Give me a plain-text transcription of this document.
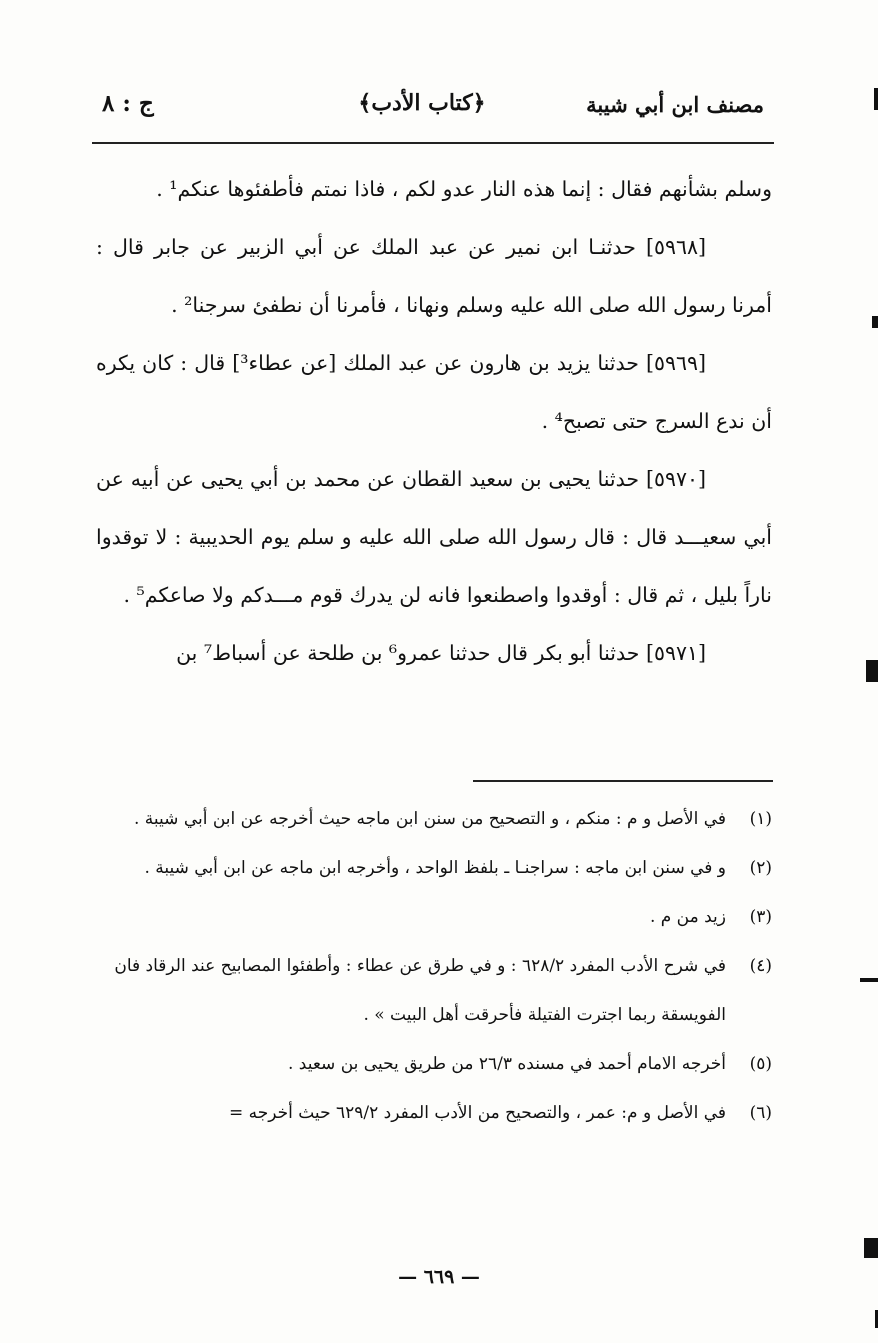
مصنف ابن أبي شيبة
﴿كتاب الأدب﴾
ج : ٨

وسلم بشأنهم فقال : إنما هذه النار عدو لكم ، فاذا نمتم فأطفئوها عنكم¹ .

[٥٩٦٨] حدثنـا ابن نمير عن عبد الملك عن أبي الزبير عن جابر قال : أمرنا رسول الله صلى الله عليه وسلم ونهانا ، فأمرنا أن نطفئ سرجنا² .

[٥٩٦٩] حدثنا يزيد بن هارون عن عبد الملك [عن عطاء³] قال : كان يكره أن ندع السرج حتى تصبح⁴ .

[٥٩٧٠] حدثنا يحيى بن سعيد القطان عن محمد بن أبي يحيى عن أبيه عن أبي سعيـــد قال : قال رسول الله صلى الله عليه و سلم يوم الحديبية : لا توقدوا ناراً بليل ، ثم قال : أوقدوا واصطنعوا فانه لن يدرك قوم مـــدكم ولا صاعكم⁵ .

[٥٩٧١] حدثنا أبو بكر قال حدثنا عمرو⁶ بن طلحة عن أسباط⁷ بن

(١)
في الأصل و م : منكم ، و التصحيح من سنن ابن ماجه حيث أخرجه عن ابن أبي شيبة .
(٢)
و في سنن ابن ماجه : سراجنـا ـ بلفظ الواحد ، وأخرجه ابن ماجه عن ابن أبي شيبة .
(٣)
زيد من م .
(٤)
في شرح الأدب المفرد ٦٢٨/٢ : و في طرق عن عطاء : وأطفئوا المصابيح عند الرقاد فان الفويسقة ربما اجترت الفتيلة فأحرقت أهل البيت » .
(٥)
أخرجه الامام أحمد في مسنده ٢٦/٣ من طريق يحيى بن سعيد .
(٦)
في الأصل و م: عمر ، والتصحيح من الأدب المفرد ٦٢٩/٢ حيث أخرجه =
— ٦٦٩ —
